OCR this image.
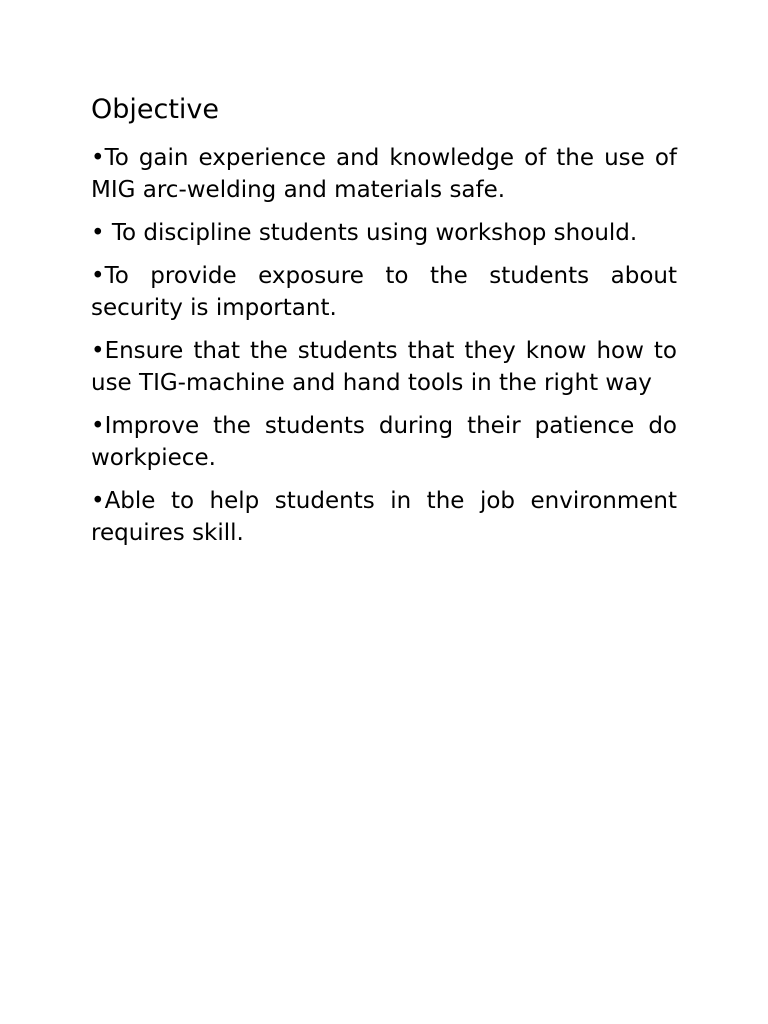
Objective
•To gain experience and knowledge of the use of MIG arc-welding and materials safe.
• To discipline students using workshop should.
•To provide exposure to the students about security is important.
•Ensure that the students that they know how to use TIG-machine and hand tools in the right way
•Improve the students during their patience do workpiece.
•Able to help students in the job environment requires skill.
